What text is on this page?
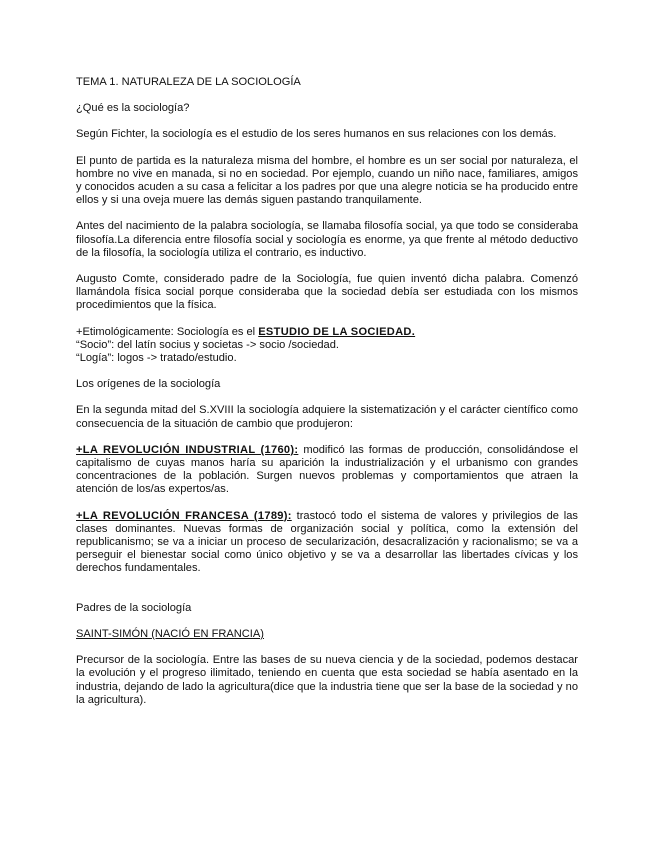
TEMA 1. NATURALEZA DE LA SOCIOLOGÍA

¿Qué es la sociología?

Según Fichter, la sociología es el estudio de los seres humanos en sus relaciones con los demás.

El punto de partida es la naturaleza misma del hombre, el hombre es un ser social por naturaleza, el hombre no vive en manada, si no en sociedad. Por ejemplo, cuando un niño nace, familiares, amigos y conocidos acuden a su casa a felicitar a los padres por que una alegre noticia se ha producido entre ellos y si una oveja muere las demás siguen pastando tranquilamente.

Antes del nacimiento de la palabra sociología, se llamaba filosofía social, ya que todo se consideraba filosofía.La diferencia entre filosofía social y sociología es enorme, ya que frente al método deductivo de la filosofía, la sociología utiliza el contrario, es inductivo.

Augusto Comte, considerado padre de la Sociología, fue quien inventó dicha palabra. Comenzó llamándola física social porque consideraba que la sociedad debía ser estudiada con los mismos procedimientos que la física.

+Etimológicamente: Sociología es el ESTUDIO DE LA SOCIEDAD.
“Socio”: del latín socius y societas -> socio /sociedad.
“Logía”: logos -> tratado/estudio.

Los orígenes de la sociología

En la segunda mitad del S.XVIII la sociología adquiere la sistematización y el carácter científico como consecuencia de la situación de cambio que produjeron:

+LA REVOLUCIÓN INDUSTRIAL (1760): modificó las formas de producción, consolidándose el capitalismo de cuyas manos haría su aparición la industrialización y el urbanismo con grandes concentraciones de la población. Surgen nuevos problemas y comportamientos que atraen la atención de los/as expertos/as.

+LA REVOLUCIÓN FRANCESA (1789): trastocó todo el sistema de valores y privilegios de las clases dominantes. Nuevas formas de organización social y política, como la extensión del republicanismo; se va a iniciar un proceso de secularización, desacralización y racionalismo; se va a perseguir el bienestar social como único objetivo y se va a desarrollar las libertades cívicas y los derechos fundamentales.

Padres de la sociología

SAINT-SIMÓN (NACIÓ EN FRANCIA)

Precursor de la sociología. Entre las bases de su nueva ciencia y de la sociedad, podemos destacar la evolución y el progreso ilimitado, teniendo en cuenta que esta sociedad se había asentado en la industria, dejando de lado la agricultura(dice que la industria tiene que ser la base de la sociedad y no la agricultura).
